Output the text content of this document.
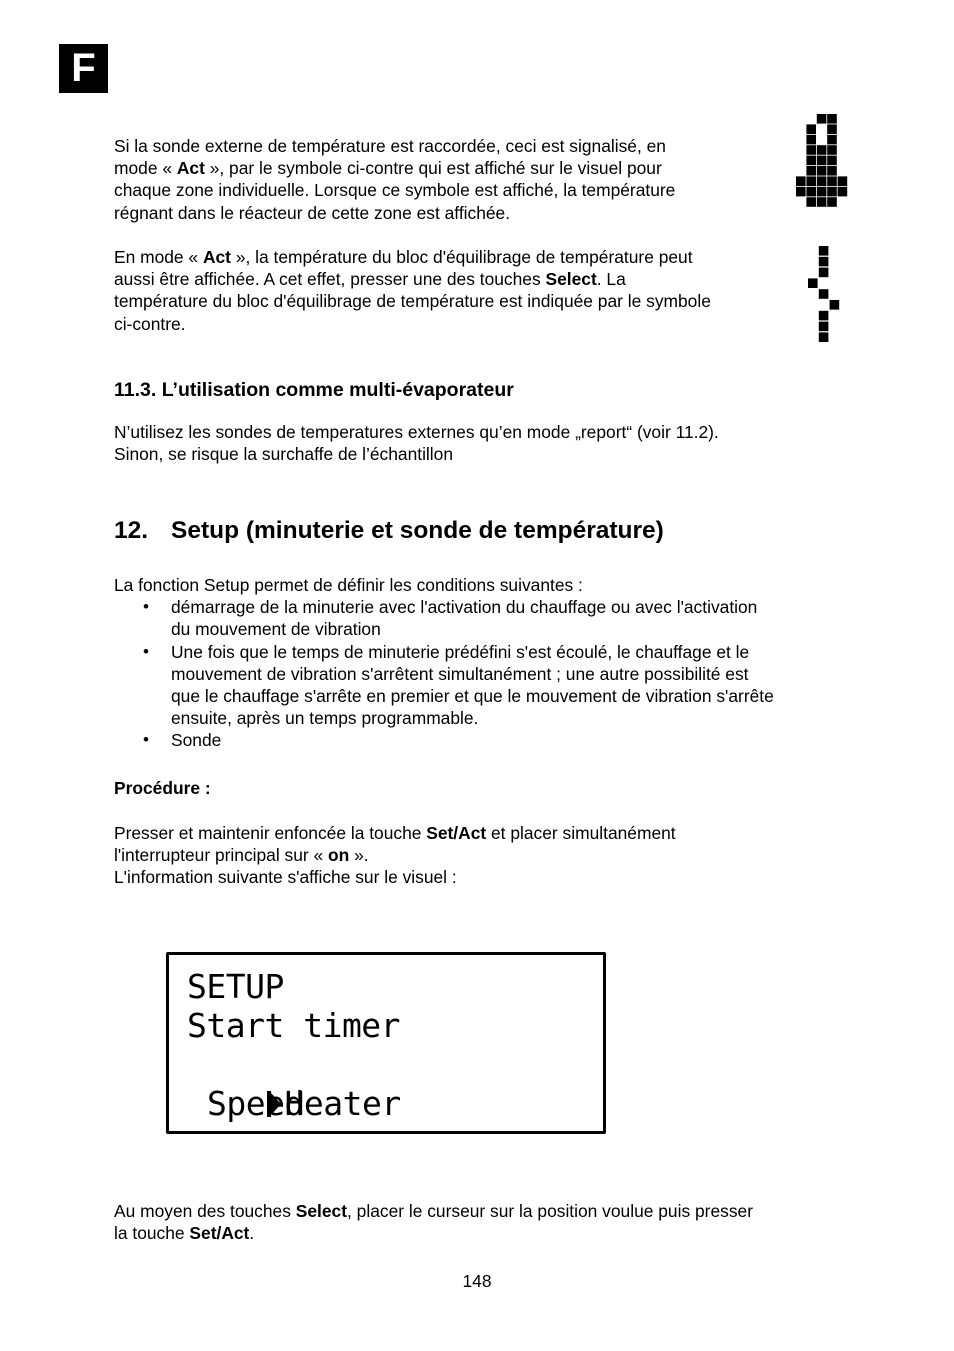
F
Si la sonde externe de température est raccordée, ceci est signalisé, en
mode « Act », par le symbole ci-contre qui est affiché sur le visuel pour
chaque zone individuelle. Lorsque ce symbole est affiché, la température
régnant dans le réacteur de cette zone est affichée.
En mode « Act », la température du bloc d'équilibrage de température peut
aussi être affichée. A cet effet, presser une des touches Select. La
température du bloc d'équilibrage de température est indiquée par le symbole
ci-contre.
11.3. L’utilisation comme multi-évaporateur
N’utilisez les sondes de temperatures externes qu’en mode „report“ (voir 11.2).
Sinon, se risque la surchaffe de l’échantillon
12. Setup (minuterie et sonde de température)
La fonction Setup permet de définir les conditions suivantes :
• démarrage de la minuterie avec l'activation du chauffage ou avec l'activation
du mouvement de vibration
• Une fois que le temps de minuterie prédéfini s'est écoulé, le chauffage et le
mouvement de vibration s'arrêtent simultanément ; une autre possibilité est
que le chauffage s'arrête en premier et que le mouvement de vibration s'arrête
ensuite, après un temps programmable.
• Sonde
Procédure :
Presser et maintenir enfoncée la touche Set/Act et placer simultanément
l'interrupteur principal sur « on ».
L'information suivante s'affiche sur le visuel :
SETUP
Start timer

Heater

Speed
Au moyen des touches Select, placer le curseur sur la position voulue puis presser
la touche Set/Act.
148
